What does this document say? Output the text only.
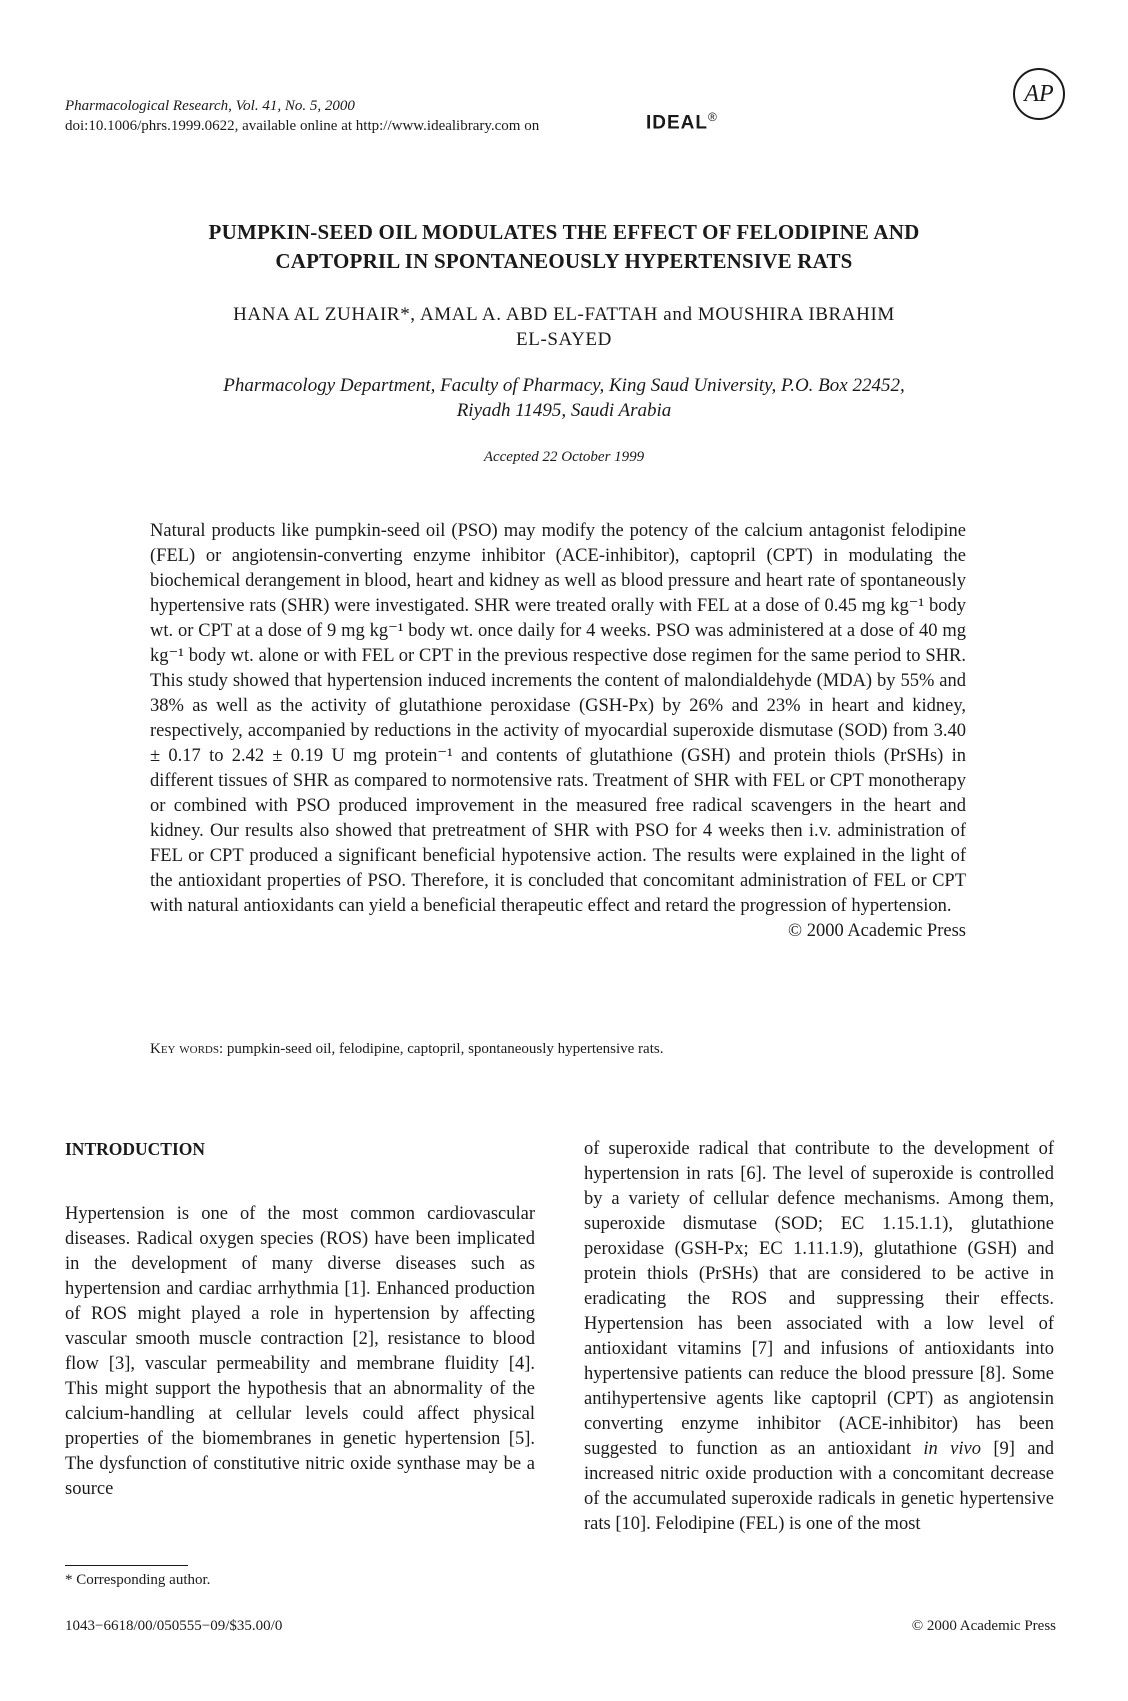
Pharmacological Research, Vol. 41, No. 5, 2000
doi:10.1006/phrs.1999.0622, available online at http://www.idealibrary.com on	IDEAL®
AP
PUMPKIN-SEED OIL MODULATES THE EFFECT OF FELODIPINE AND
CAPTOPRIL IN SPONTANEOUSLY HYPERTENSIVE RATS
HANA AL ZUHAIR*, AMAL A. ABD EL-FATTAH and MOUSHIRA IBRAHIM
EL-SAYED
Pharmacology Department, Faculty of Pharmacy, King Saud University, P.O. Box 22452,
Riyadh 11495, Saudi Arabia
Accepted 22 October 1999
Natural products like pumpkin-seed oil (PSO) may modify the potency of the calcium antagonist felodipine (FEL) or angiotensin-converting enzyme inhibitor (ACE-inhibitor), captopril (CPT) in modulating the biochemical derangement in blood, heart and kidney as well as blood pressure and heart rate of spontaneously hypertensive rats (SHR) were investigated. SHR were treated orally with FEL at a dose of 0.45 mg kg⁻¹ body wt. or CPT at a dose of 9 mg kg⁻¹ body wt. once daily for 4 weeks. PSO was administered at a dose of 40 mg kg⁻¹ body wt. alone or with FEL or CPT in the previous respective dose regimen for the same period to SHR. This study showed that hypertension induced increments the content of malondialdehyde (MDA) by 55% and 38% as well as the activity of glutathione peroxidase (GSH-Px) by 26% and 23% in heart and kidney, respectively, accompanied by reductions in the activity of myocardial superoxide dismutase (SOD) from 3.40 ± 0.17 to 2.42 ± 0.19 U mg protein⁻¹ and contents of glutathione (GSH) and protein thiols (PrSHs) in different tissues of SHR as compared to normotensive rats. Treatment of SHR with FEL or CPT monotherapy or combined with PSO produced improvement in the measured free radical scavengers in the heart and kidney. Our results also showed that pretreatment of SHR with PSO for 4 weeks then i.v. administration of FEL or CPT produced a significant beneficial hypotensive action. The results were explained in the light of the antioxidant properties of PSO. Therefore, it is concluded that concomitant administration of FEL or CPT with natural antioxidants can yield a beneficial therapeutic effect and retard the progression of hypertension.
© 2000 Academic Press
Key words: pumpkin-seed oil, felodipine, captopril, spontaneously hypertensive rats.
INTRODUCTION

Hypertension is one of the most common cardiovascular diseases. Radical oxygen species (ROS) have been implicated in the development of many diverse diseases such as hypertension and cardiac arrhythmia [1]. Enhanced production of ROS might played a role in hypertension by affecting vascular smooth muscle contraction [2], resistance to blood flow [3], vascular permeability and membrane fluidity [4]. This might support the hypothesis that an abnormality of the calcium-handling at cellular levels could affect physical properties of the biomembranes in genetic hypertension [5]. The dysfunction of constitutive nitric oxide synthase may be a source

of superoxide radical that contribute to the development of hypertension in rats [6]. The level of superoxide is controlled by a variety of cellular defence mechanisms. Among them, superoxide dismutase (SOD; EC 1.15.1.1), glutathione peroxidase (GSH-Px; EC 1.11.1.9), glutathione (GSH) and protein thiols (PrSHs) that are considered to be active in eradicating the ROS and suppressing their effects. Hypertension has been associated with a low level of antioxidant vitamins [7] and infusions of antioxidants into hypertensive patients can reduce the blood pressure [8]. Some antihypertensive agents like captopril (CPT) as angiotensin converting enzyme inhibitor (ACE-inhibitor) has been suggested to function as an antioxidant in vivo [9] and increased nitric oxide production with a concomitant decrease of the accumulated superoxide radicals in genetic hypertensive rats [10]. Felodipine (FEL) is one of the most

* Corresponding author.
1043−6618/00/050555−09/$35.00/0	© 2000 Academic Press
